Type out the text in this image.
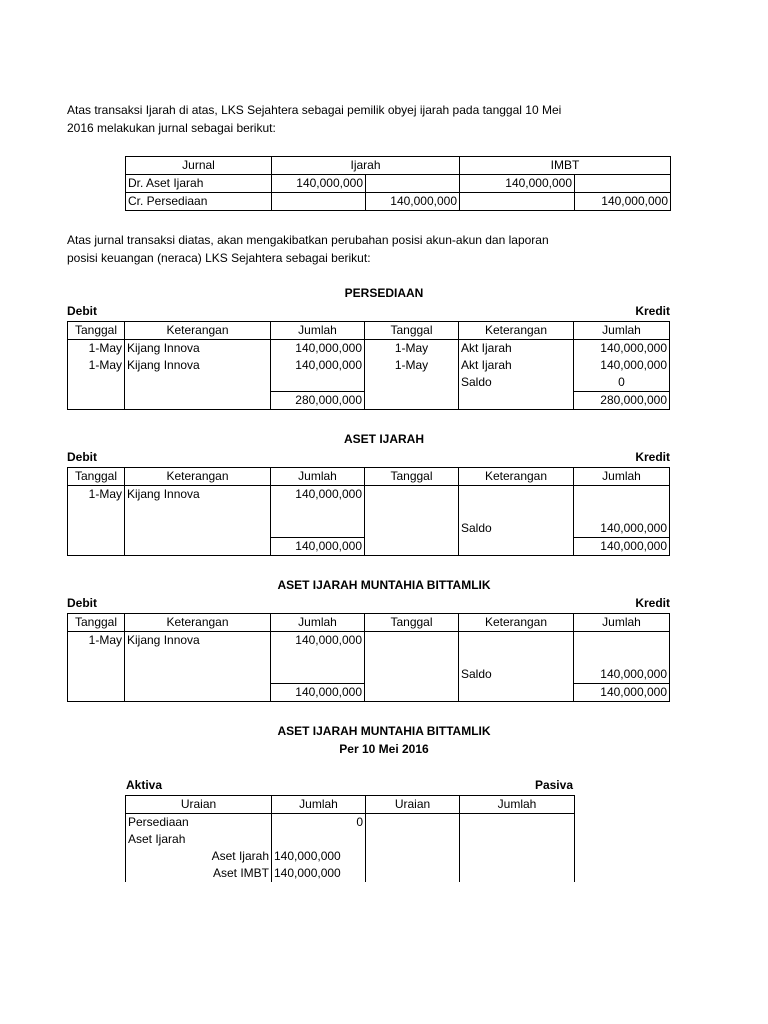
Atas transaksi Ijarah di atas, LKS Sejahtera sebagai pemilik obyej ijarah pada tanggal 10 Mei
2016 melakukan jurnal sebagai berikut:
Jurnal	Ijarah		IMBT	
Dr. Aset Ijarah	140,000,000		140,000,000	
Cr. Persediaan		140,000,000		140,000,000
Atas jurnal transaksi diatas, akan mengakibatkan perubahan posisi akun-akun dan laporan
posisi keuangan (neraca) LKS Sejahtera sebagai berikut:
PERSEDIAAN
Debit	Kredit
Tanggal	Keterangan	Jumlah	Tanggal	Keterangan	Jumlah
1-May	Kijang Innova	140,000,000	1-May	Akt Ijarah	140,000,000
1-May	Kijang Innova	140,000,000	1-May	Akt Ijarah	140,000,000
				Saldo	0
		280,000,000			280,000,000
ASET IJARAH
Debit	Kredit
Tanggal	Keterangan	Jumlah	Tanggal	Keterangan	Jumlah
1-May	Kijang Innova	140,000,000			

				Saldo	140,000,000
		140,000,000			140,000,000
ASET IJARAH MUNTAHIA BITTAMLIK
Debit	Kredit
Tanggal	Keterangan	Jumlah	Tanggal	Keterangan	Jumlah
1-May	Kijang Innova	140,000,000			

				Saldo	140,000,000
		140,000,000			140,000,000
ASET IJARAH MUNTAHIA BITTAMLIK
Per 10 Mei 2016
Aktiva	Pasiva
Uraian	Jumlah	Uraian	Jumlah
Persediaan	0		
Aset Ijarah			
Aset Ijarah	140,000,000		
Aset IMBT	140,000,000		
